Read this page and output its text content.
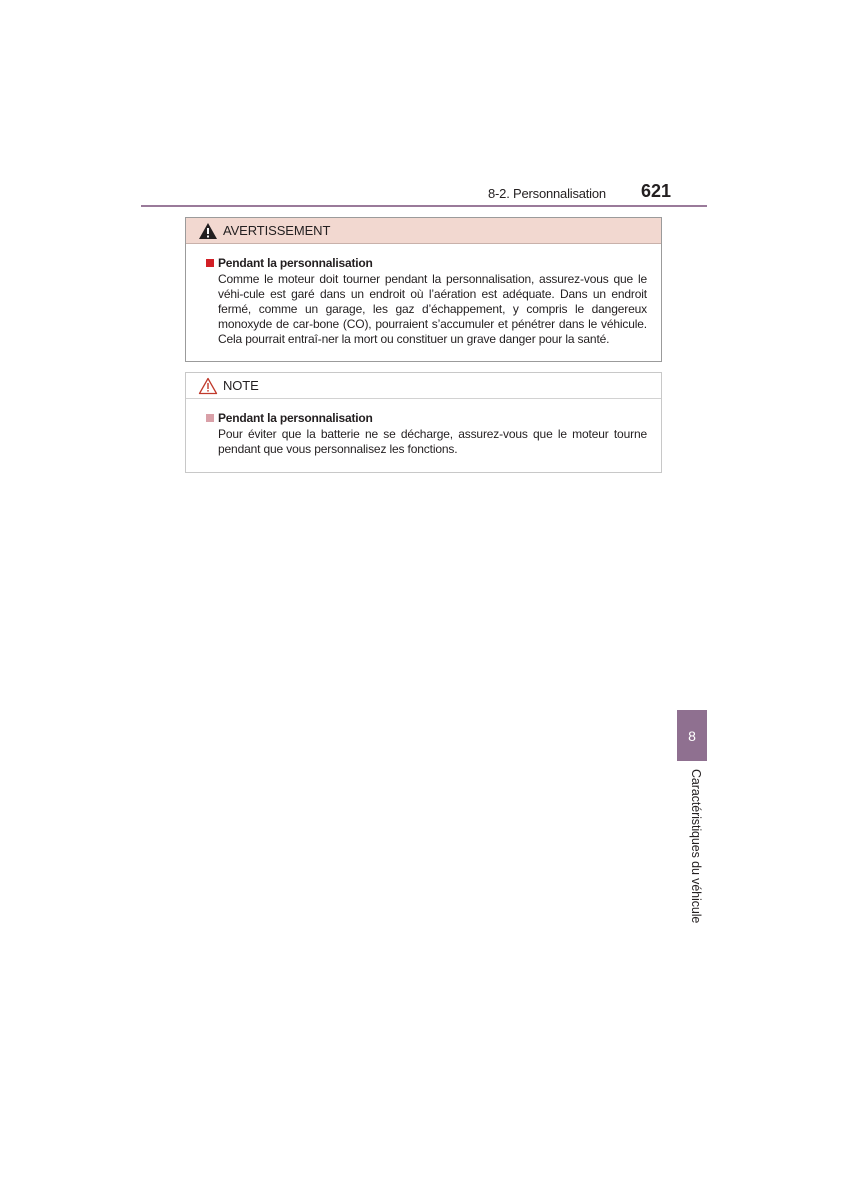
8-2. Personnalisation 621
AVERTISSEMENT
Pendant la personnalisation
Comme le moteur doit tourner pendant la personnalisation, assurez-vous que le véhi-cule est garé dans un endroit où l’aération est adéquate. Dans un endroit fermé, comme un garage, les gaz d’échappement, y compris le dangereux monoxyde de car-bone (CO), pourraient s’accumuler et pénétrer dans le véhicule. Cela pourrait entraî-ner la mort ou constituer un grave danger pour la santé.
NOTE
Pendant la personnalisation
Pour éviter que la batterie ne se décharge, assurez-vous que le moteur tourne pendant que vous personnalisez les fonctions.
8
Caractéristiques du véhicule
